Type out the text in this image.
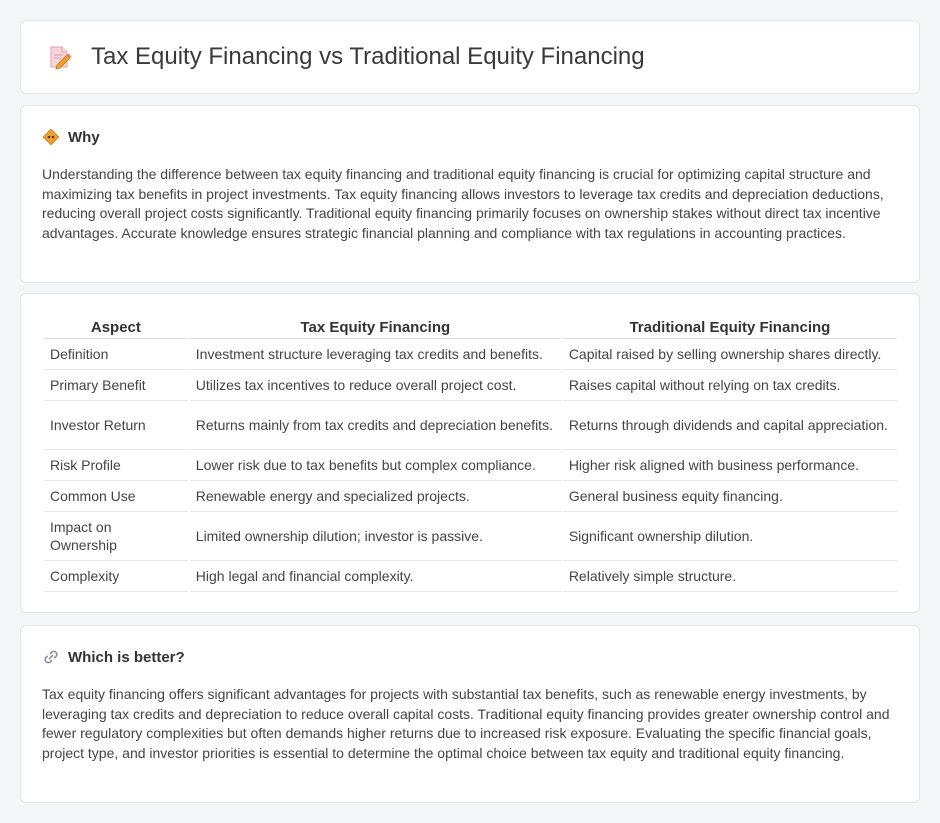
Tax Equity Financing vs Traditional Equity Financing
Why

Understanding the difference between tax equity financing and traditional equity financing is crucial for optimizing capital structure and maximizing tax benefits in project investments. Tax equity financing allows investors to leverage tax credits and depreciation deductions, reducing overall project costs significantly. Traditional equity financing primarily focuses on ownership stakes without direct tax incentive advantages. Accurate knowledge ensures strategic financial planning and compliance with tax regulations in accounting practices.

Aspect	Tax Equity Financing	Traditional Equity Financing
Definition	Investment structure leveraging tax credits and benefits.	Capital raised by selling ownership shares directly.
Primary Benefit	Utilizes tax incentives to reduce overall project cost.	Raises capital without relying on tax credits.
Investor Return	Returns mainly from tax credits and depreciation benefits.	Returns through dividends and capital appreciation.
Risk Profile	Lower risk due to tax benefits but complex compliance.	Higher risk aligned with business performance.
Common Use	Renewable energy and specialized projects.	General business equity financing.
Impact on Ownership	Limited ownership dilution; investor is passive.	Significant ownership dilution.
Complexity	High legal and financial complexity.	Relatively simple structure.
Which is better?

Tax equity financing offers significant advantages for projects with substantial tax benefits, such as renewable energy investments, by leveraging tax credits and depreciation to reduce overall capital costs. Traditional equity financing provides greater ownership control and fewer regulatory complexities but often demands higher returns due to increased risk exposure. Evaluating the specific financial goals, project type, and investor priorities is essential to determine the optimal choice between tax equity and traditional equity financing.
